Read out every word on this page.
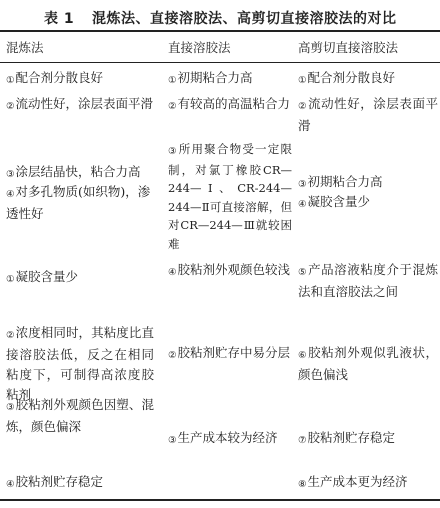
表 1 混炼法、直接溶胶法、高剪切直接溶胶法的对比
混炼法	直接溶胶法	高剪切直接溶胶法
①配合剂分散良好
②流动性好，涂层表面平滑
③涂层结晶快，粘合力高
④对多孔物质(如织物)，渗透性好
①凝胶含量少
②浓度相同时，其粘度比直接溶胶法低，反之在相同粘度下，可制得高浓度胶粘剂
③胶粘剂外观颜色因塑、混炼，颜色偏深
④胶粘剂贮存稳定
①初期粘合力高
②有较高的高温粘合力
③所用聚合物受一定限制，对氯丁橡胶CR—244—Ⅰ、CR-244—244—Ⅱ可直接溶解，但对CR—244—Ⅲ就较困难
④胶粘剂外观颜色较浅
②胶粘剂贮存中易分层
③生产成本较为经济
①配合剂分散良好
②流动性好，涂层表面平滑
③初期粘合力高
④凝胶含量少
⑤产品溶液粘度介于混炼法和直溶胶法之间
⑥胶粘剂外观似乳液状，颜色偏浅
⑦胶粘剂贮存稳定
⑧生产成本更为经济
